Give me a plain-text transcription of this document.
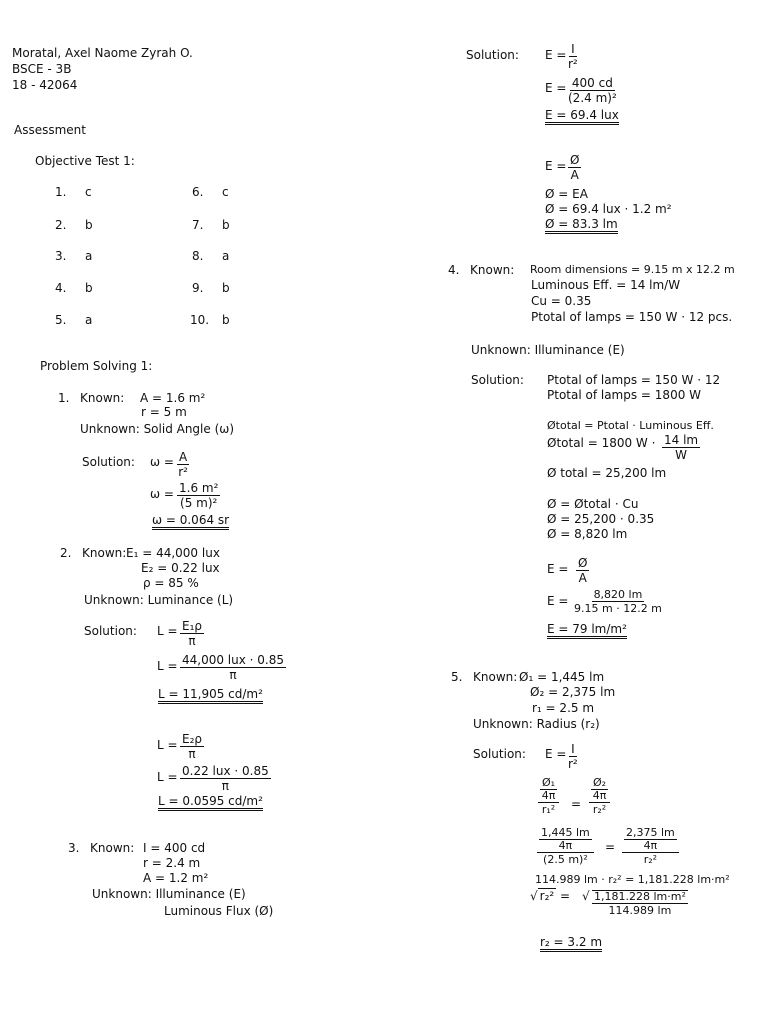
Moratal, Axel Naome Zyrah O.
BSCE - 3B
18 - 42064
Assessment
Objective Test 1:
1. c
2. b
3. a
4. b
5. a
6. c
7. b
8. a
9. b
10. b
Problem Solving 1:
1. Known: A = 1.6 m²
r = 5 m
Unknown: Solid Angle (ω)
Solution: $\omega = \frac{A}{\text{r²}}$
$\omega = \frac{\text{1.6 m²}}{\text{(5 m)²}}$
ω = 0.064 sr
2. Known: E₁ = 44,000 lux
E₂ = 0.22 lux
ρ = 85 %
Unknown: Luminance (L)
Solution: $L = \frac{\text{E₁ρ}}{\pi}$
L = 44,000 lux · 0.85
π
L = 11,905 cd/m²
$L = \frac{\text{E₂ρ}}{\pi}$
L = 0.22 lux · 0.85
π
L = 0.0595 cd/m²
3. Known: I = 400 cd
r = 2.4 m
A = 1.2 m²
Unknown: Illuminance (E)
Luminous Flux (Ø)
Solution: $E = \frac{I}{\text{r²}}$
$E = \frac{400 cd}{\text{(2.4 m)²}}$
E = 69.4 lux
$E = \frac{Ø}{A}$
Ø = EA
Ø = 69.4 lux · 1.2 m²
Ø = 83.3 lm
4. Known: Room dimensions = 9.15 m x 12.2 m
Luminous Eff. = 14 lm/W
Cu = 0.35
Ptotal of lamps = 150 W · 12 pcs.
Unknown: Illuminance (E)
Solution: Ptotal of lamps = 150 W · 12
Ptotal of lamps = 1800 W
Øtotal = Ptotal · Luminous Eff.
Øtotal = 1800 $W \cdot \frac{14 lm}{W}$
Ø total = 25,200 lm
Ø = Øtotal · Cu
Ø = 25,200 · 0.35
Ø = 8,820 lm
$E = \frac{Ø}{A}$
$E = \frac{8,820 lm}{9.15 m \cdot 12.2 m}$
E = 79 lm/m²
5. Known: Ø₁ = 1,445 lm
Ø₂ = 2,375 lm
r₁ = 2.5 m
Unknown: Radius (r₂)
Solution: $E = \frac{I}{\text{r²}}$
$\frac{\frac{\text{Ø₁}}{4\pi}}{\text{r₁²}} = \frac{\frac{\text{Ø₂}}{4\pi}}{\text{r₂²}}$
$\frac{\frac{1,445 lm}{4\pi}}{\text{(2.5 m)²}} = \frac{\frac{2,375 lm}{4\pi}}{\text{r₂²}}$
114.989 lm · r₂² = 1,181.228 lm·m²
√ r₂² = √ $\frac{\text{1,181.228 lm·m²}}{114.989 lm}$
r₂ = 3.2 m
